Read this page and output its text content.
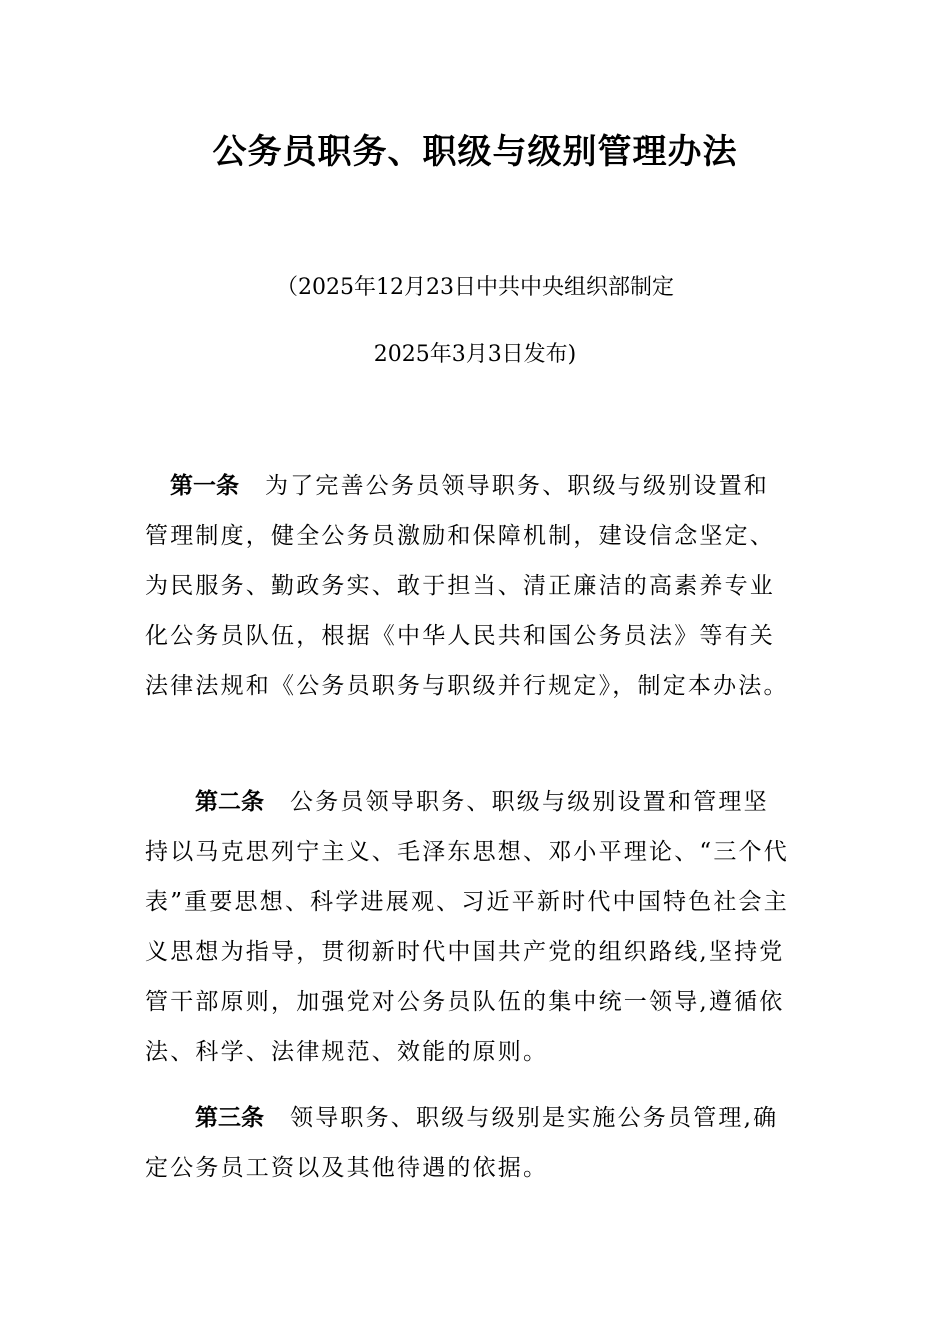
公务员职务、职级与级别管理办法
（2025年12月23日中共中央组织部制定
2025年3月3日发布)
第一条 为了完善公务员领导职务、职级与级别设置和
管理制度，健全公务员激励和保障机制，建设信念坚定、
为民服务、勤政务实、敢于担当、清正廉洁的高素养专业
化公务员队伍，根据《中华人民共和国公务员法》等有关
法律法规和《公务员职务与职级并行规定》，制定本办法。
第二条 公务员领导职务、职级与级别设置和管理坚
持以马克思列宁主义、毛泽东思想、邓小平理论、“三个代
表”重要思想、科学进展观、习近平新时代中国特色社会主
义思想为指导，贯彻新时代中国共产党的组织路线,坚持党
管干部原则，加强党对公务员队伍的集中统一领导,遵循依
法、科学、法律规范、效能的原则。
第三条 领导职务、职级与级别是实施公务员管理,确
定公务员工资以及其他待遇的依据。
